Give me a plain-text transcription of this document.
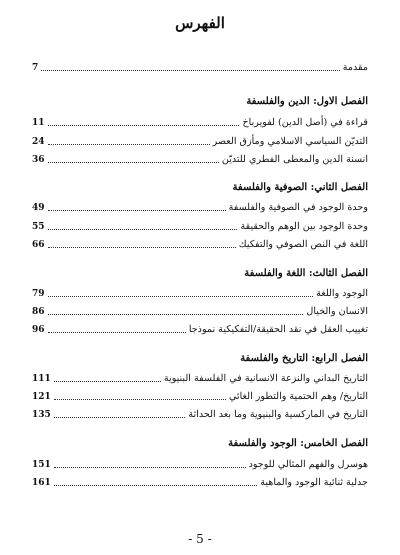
الفهرس
مقدمة
7
الفصل الاول: الدين والفلسفة
قراءة في (أصل الدين) لفويرباخ
11
التديّن السياسي الاسلامي ومأزق العصر
24
انسنة الدين والمعطى الفطري للتديّن
36
الفصل الثاني: الصوفية والفلسفة
وحدة الوجود في الصوفية والفلسفة
49
وحدة الوجود بين الوهم والحقيقة
55
اللغة في النص الصوفي والتفكيك
66
الفصل الثالث: اللغة والفلسفة
الوجود واللغة
79
الانسان والخيال
86
تغييب العقل في نقد الحقيقة/التفكيكية نموذجا
96
الفصل الرابع: التاريخ والفلسفة
التاريخ البداني والنزعة الانسانية في الفلسفة البنيوية
111
التاريخ/ وهم الحتمية والتطور الغائي
121
التاريخ في الماركسية والبنيوية وما بعد الحداثة
135
الفصل الخامس: الوجود والفلسفة
هوسرل والفهم المثالي للوجود
151
جدلية ثنائية الوجود والماهية
161
- 5 -
